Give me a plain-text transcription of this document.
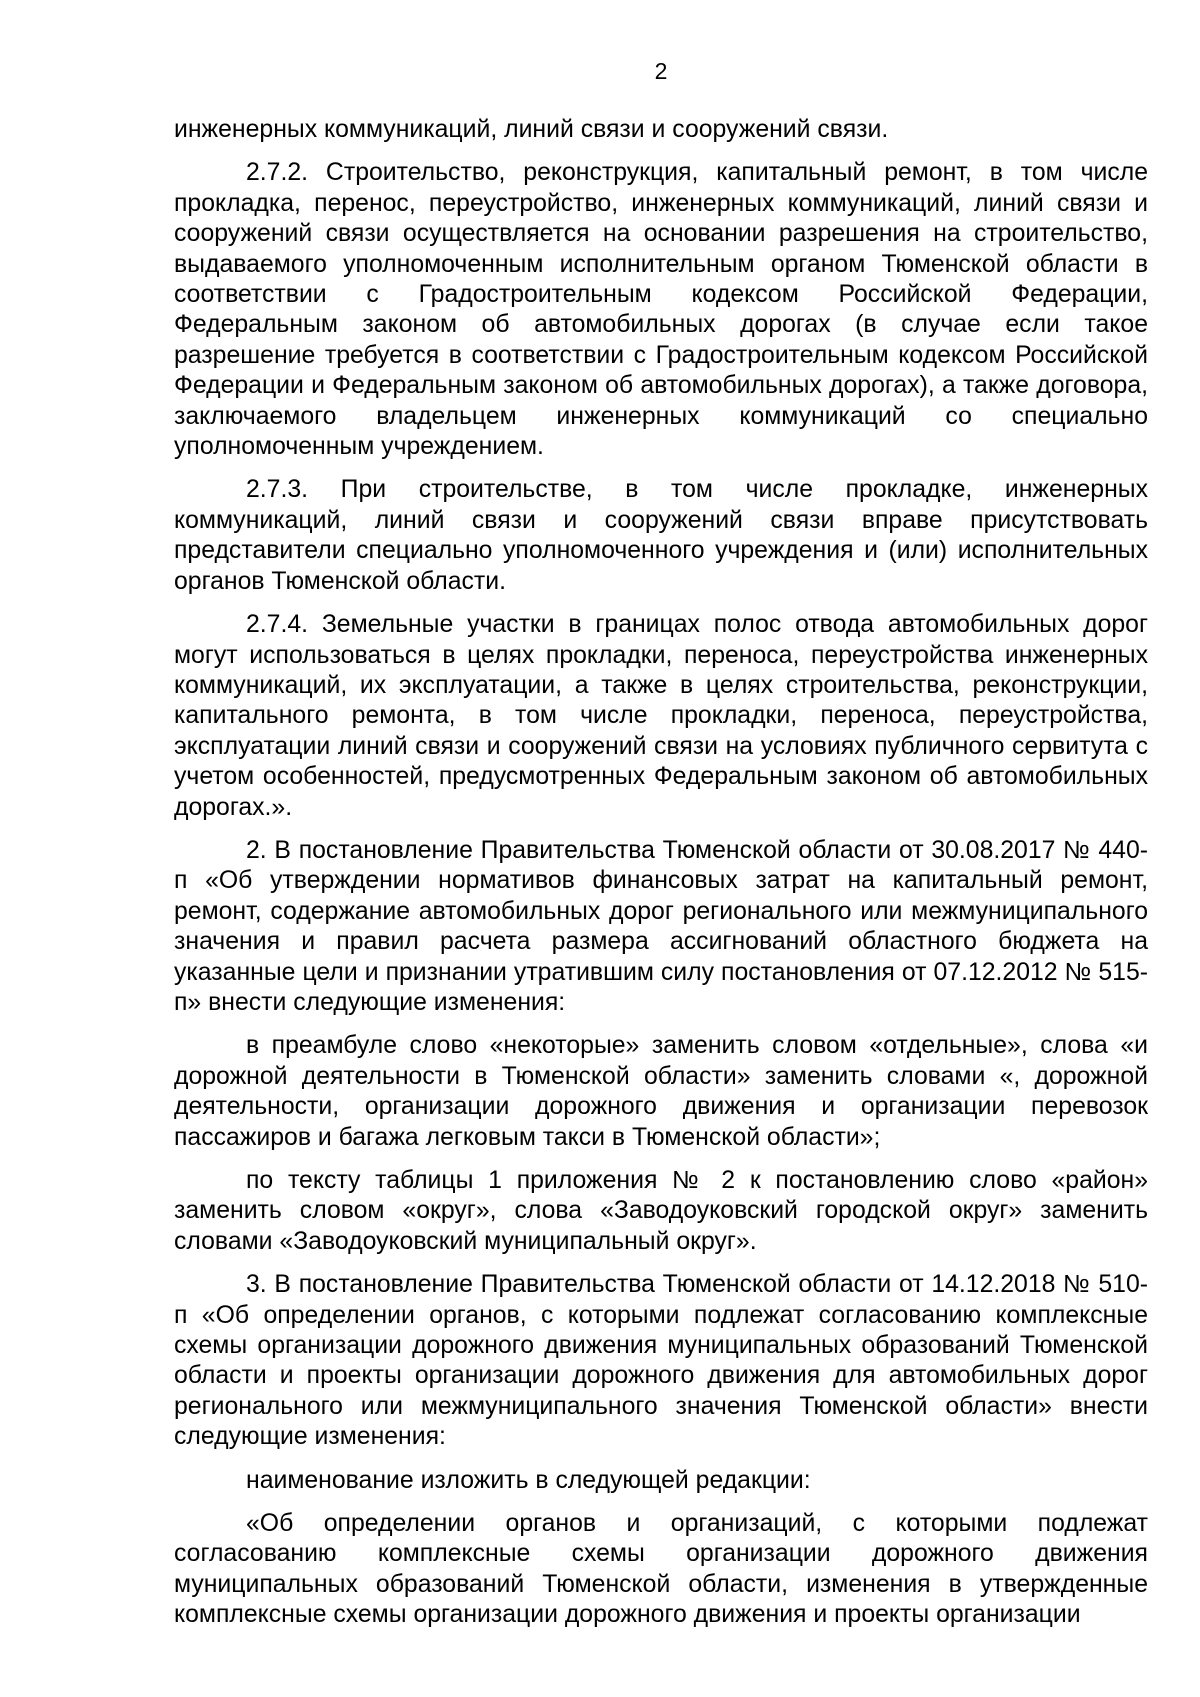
2

инженерных коммуникаций, линий связи и сооружений связи.

2.7.2. Строительство, реконструкция, капитальный ремонт, в том числе прокладка, перенос, переустройство, инженерных коммуникаций, линий связи и сооружений связи осуществляется на основании разрешения на строительство, выдаваемого уполномоченным исполнительным органом Тюменской области в соответствии с Градостроительным кодексом Российской Федерации, Федеральным законом об автомобильных дорогах (в случае если такое разрешение требуется в соответствии с Градостроительным кодексом Российской Федерации и Федеральным законом об автомобильных дорогах), а также договора, заключаемого владельцем инженерных коммуникаций со специально уполномоченным учреждением.

2.7.3. При строительстве, в том числе прокладке, инженерных коммуникаций, линий связи и сооружений связи вправе присутствовать представители специально уполномоченного учреждения и (или) исполнительных органов Тюменской области.

2.7.4. Земельные участки в границах полос отвода автомобильных дорог могут использоваться в целях прокладки, переноса, переустройства инженерных коммуникаций, их эксплуатации, а также в целях строительства, реконструкции, капитального ремонта, в том числе прокладки, переноса, переустройства, эксплуатации линий связи и сооружений связи на условиях публичного сервитута с учетом особенностей, предусмотренных Федеральным законом об автомобильных дорогах.».

2. В постановление Правительства Тюменской области от 30.08.2017 № 440-п «Об утверждении нормативов финансовых затрат на капитальный ремонт, ремонт, содержание автомобильных дорог регионального или межмуниципального значения и правил расчета размера ассигнований областного бюджета на указанные цели и признании утратившим силу постановления от 07.12.2012 № 515-п» внести следующие изменения:

в преамбуле слово «некоторые» заменить словом «отдельные», слова «и дорожной деятельности в Тюменской области» заменить словами «, дорожной деятельности, организации дорожного движения и организации перевозок пассажиров и багажа легковым такси в Тюменской области»;

по тексту таблицы 1 приложения № 2 к постановлению слово «район» заменить словом «округ», слова «Заводоуковский городской округ» заменить словами «Заводоуковский муниципальный округ».

3. В постановление Правительства Тюменской области от 14.12.2018 № 510-п «Об определении органов, с которыми подлежат согласованию комплексные схемы организации дорожного движения муниципальных образований Тюменской области и проекты организации дорожного движения для автомобильных дорог регионального или межмуниципального значения Тюменской области» внести следующие изменения:

наименование изложить в следующей редакции:

«Об определении органов и организаций, с которыми подлежат согласованию комплексные схемы организации дорожного движения муниципальных образований Тюменской области, изменения в утвержденные комплексные схемы организации дорожного движения и проекты организации
